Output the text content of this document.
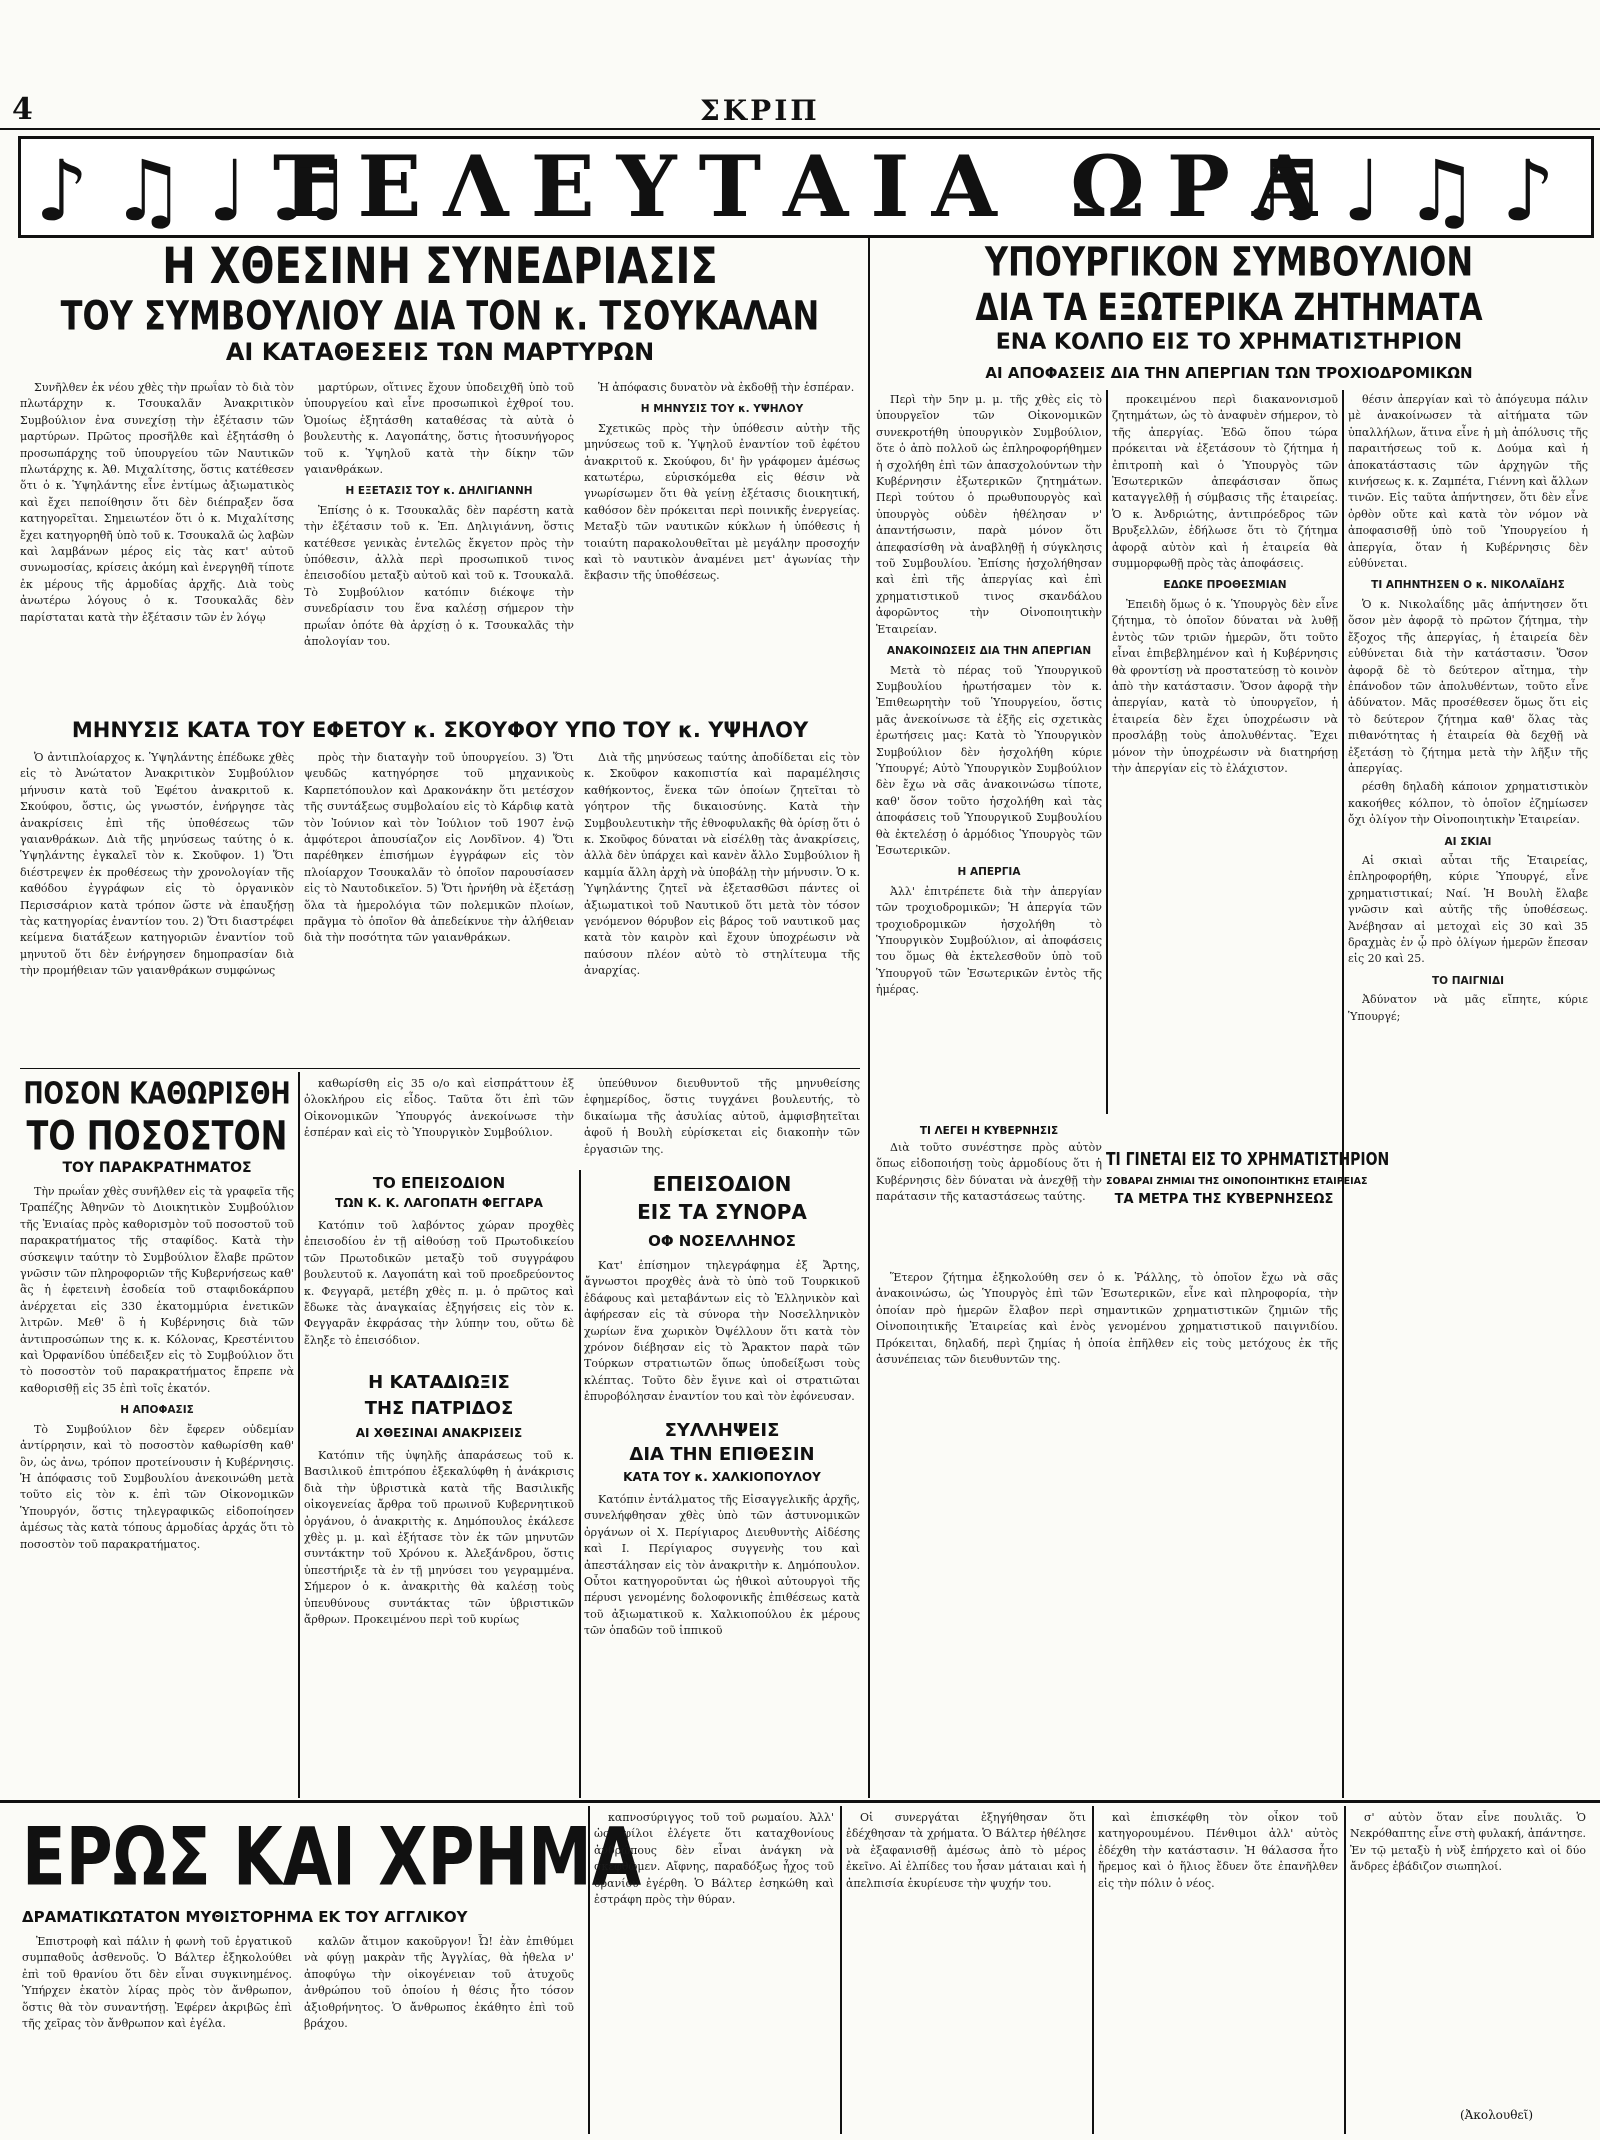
4	ΣΚΡΙΠ
♪♫♩♬
ΤΕΛΕΥΤΑΙΑ ΩΡΑ
♬♩♫♪
Η ΧΘΕΣΙΝΗ ΣΥΝΕΔΡΙΑΣΙΣ
ΤΟΥ ΣΥΜΒΟΥΛΙΟΥ ΔΙΑ ΤΟΝ κ. ΤΣΟΥΚΑΛΑΝ
ΑΙ ΚΑΤΑΘΕΣΕΙΣ ΤΩΝ ΜΑΡΤΥΡΩΝ

Συνῆλθεν ἐκ νέου χθὲς τὴν πρωΐαν τὸ διὰ τὸν πλωτάρχην κ. Τσουκαλᾶν Ἀνακριτικὸν Συμβούλιον ἐνα συνεχίσῃ τὴν ἐξέτασιν τῶν μαρτύρων. Πρῶτος προσῆλθε καὶ ἐξητάσθη ὁ προσωπάρχης τοῦ ὑπουργείου τῶν Ναυτικῶν πλωτάρχης κ. Ἀθ. Μιχαλίτσης, ὅστις κατέθεσεν ὅτι ὁ κ. Ὑψηλάντης εἶνε ἐντίμως ἀξιωματικὸς καὶ ἔχει πεποίθησιν ὅτι δὲν διέπραξεν ὅσα κατηγορεῖται. Σημειωτέον ὅτι ὁ κ. Μιχαλίτσης ἔχει κατηγορηθῆ ὑπὸ τοῦ κ. Τσουκαλᾶ ὡς λαβὼν καὶ λαμβάνων μέρος εἰς τὰς κατ' αὐτοῦ συνωμοσίας, κρίσεις ἀκόμη καὶ ἐνεργηθῆ τίποτε ἐκ μέρους τῆς ἁρμοδίας ἀρχῆς. Διὰ τοὺς ἀνωτέρω λόγους ὁ κ. Τσουκαλᾶς δὲν παρίσταται κατὰ τὴν ἐξέτασιν τῶν ἐν λόγῳ

μαρτύρων, οἵτινες ἔχουν ὑποδειχθῆ ὑπὸ τοῦ ὑπουργείου καὶ εἶνε προσωπικοὶ ἐχθροί του. Ὁμοίως ἐξητάσθη καταθέσας τὰ αὐτὰ ὁ βουλευτὴς κ. Λαγοπάτης, ὅστις ἠτοσυνήγορος τοῦ κ. Ὑψηλοῦ κατὰ τὴν δίκην τῶν γαιανθράκων.

Η ΕΞΕΤΑΣΙΣ ΤΟΥ κ. ΔΗΛΙΓΙΑΝΝΗ

Ἐπίσης ὁ κ. Τσουκαλᾶς δὲν παρέστη κατὰ τὴν ἐξέτασιν τοῦ κ. Ἐπ. Δηλιγιάννη, ὅστις κατέθεσε γενικὰς ἐντελῶς ἔκγετον πρὸς τὴν ὑπόθεσιν, ἀλλὰ περὶ προσωπικοῦ τινος ἐπεισοδίου μεταξὺ αὐτοῦ καὶ τοῦ κ. Τσουκαλᾶ. Τὸ Συμβούλιον κατόπιν διέκοψε τὴν συνεδρίασιν του ἕνα καλέσῃ σήμερον τὴν πρωΐαν ὁπότε θὰ ἀρχίσῃ ὁ κ. Τσουκαλᾶς τὴν ἀπολογίαν του.

Ἡ ἀπόφασις δυνατὸν νὰ ἐκδοθῇ τὴν ἑσπέραν.

Η ΜΗΝΥΣΙΣ ΤΟΥ κ. ΥΨΗΛΟΥ

Σχετικῶς πρὸς τὴν ὑπόθεσιν αὐτὴν τῆς μηνύσεως τοῦ κ. Ὑψηλοῦ ἐναντίον τοῦ ἐφέτου ἀνακριτοῦ κ. Σκούφου, δι' ἣν γράφομεν ἀμέσως κατωτέρω, εὑρισκόμεθα εἰς θέσιν νὰ γνωρίσωμεν ὅτι θὰ γείνῃ ἐξέτασις διοικητική, καθόσον δὲν πρόκειται περὶ ποινικῆς ἐνεργείας. Μεταξὺ τῶν ναυτικῶν κύκλων ἡ ὑπόθεσις ἡ τοιαύτη παρακολουθεῖται μὲ μεγάλην προσοχήν καὶ τὸ ναυτικὸν ἀναμένει μετ' ἀγωνίας τὴν ἔκβασιν τῆς ὑποθέσεως.

ΜΗΝΥΣΙΣ ΚΑΤΑ ΤΟΥ ΕΦΕΤΟΥ κ. ΣΚΟΥΦΟΥ ΥΠΟ ΤΟΥ κ. ΥΨΗΛΟΥ

Ὁ ἀντιπλοίαρχος κ. Ὑψηλάντης ἐπέδωκε χθὲς εἰς τὸ Ἀνώτατον Ἀνακριτικὸν Συμβούλιον μήνυσιν κατὰ τοῦ Ἐφέτου ἀνακριτοῦ κ. Σκούφου, ὅστις, ὡς γνωστόν, ἐνήργησε τὰς ἀνακρίσεις ἐπὶ τῆς ὑποθέσεως τῶν γαιανθράκων. Διὰ τῆς μηνύσεως ταύτης ὁ κ. Ὑψηλάντης ἐγκαλεῖ τὸν κ. Σκοῦφον. 1) Ὅτι διέστρεψεν ἐκ προθέσεως τὴν χρονολογίαν τῆς καθόδου ἐγγράφων εἰς τὸ ὀργανικὸν Περισσάριον κατὰ τρόπον ὥστε νὰ ἐπαυξήσῃ τὰς κατηγορίας ἐναντίον του. 2) Ὅτι διαστρέφει κείμενα διατάξεων κατηγοριῶν ἐναντίον τοῦ μηνυτοῦ ὅτι δὲν ἐνήργησεν δημοπρασίαν διὰ τὴν προμήθειαν τῶν γαιανθράκων συμφώνως

πρὸς τὴν διαταγὴν τοῦ ὑπουργείου. 3) Ὅτι ψευδῶς κατηγόρησε τοῦ μηχανικοὺς Καρπετόπουλον καὶ Δρακονάκην ὅτι μετέσχον τῆς συντάξεως συμβολαίου εἰς τὸ Κάρδιφ κατὰ τὸν Ἰούνιον καὶ τὸν Ἰούλιον τοῦ 1907 ἐνῷ ἀμφότεροι ἀπουσίαζον εἰς Λονδῖνον. 4) Ὅτι παρέθηκεν ἐπισήμων ἐγγράφων εἰς τὸν πλοίαρχον Τσουκαλᾶν τὸ ὁποῖον παρουσίασεν εἰς τὸ Ναυτοδικεῖον. 5) Ὅτι ἠρνήθη νὰ ἐξετάσῃ ὅλα τὰ ἠμερολόγια τῶν πολεμικῶν πλοίων, πρᾶγμα τὸ ὁποῖον θὰ ἀπεδείκνυε τὴν ἀλήθειαν διὰ τὴν ποσότητα τῶν γαιανθράκων.

Διὰ τῆς μηνύσεως ταύτης ἀποδίδεται εἰς τὸν κ. Σκοῦφον κακοπιστία καὶ παραμέλησις καθήκοντος, ἕνεκα τῶν ὁποίων ζητεῖται τὸ γόητρον τῆς δικαιοσύνης. Κατὰ τὴν Συμβουλευτικὴν τῆς ἐθνοφυλακῆς θὰ ὁρίσῃ ὅτι ὁ κ. Σκοῦφος δύναται νὰ εἰσέλθῃ τὰς ἀνακρίσεις, ἀλλὰ δὲν ὑπάρχει καὶ κανὲν ἄλλο Συμβούλιον ἢ καμμία ἄλλη ἀρχὴ νὰ ὑποβάλῃ τὴν μήνυσιν. Ὁ κ. Ὑψηλάντης ζητεῖ νὰ ἐξετασθῶσι πάντες οἱ ἀξιωματικοὶ τοῦ Ναυτικοῦ ὅτι μετὰ τὸν τόσον γενόμενον θόρυβον εἰς βάρος τοῦ ναυτικοῦ μας κατὰ τὸν καιρὸν καὶ ἔχουν ὑποχρέωσιν νὰ παύσουν πλέον αὐτὸ τὸ στηλίτευμα τῆς ἀναρχίας.

ΠΟΣΟΝ ΚΑΘΩΡΙΣΘΗ
ΤΟ ΠΟΣΟΣΤΟΝ
ΤΟΥ ΠΑΡΑΚΡΑΤΗΜΑΤΟΣ

Τὴν πρωΐαν χθὲς συνῆλθεν εἰς τὰ γραφεῖα τῆς Τραπέζης Ἀθηνῶν τὸ Διοικητικὸν Συμβούλιον τῆς Ἑνιαίας πρὸς καθορισμὸν τοῦ ποσοστοῦ τοῦ παρακρατήματος τῆς σταφίδος. Κατὰ τὴν σύσκεψιν ταύτην τὸ Συμβούλιον ἔλαβε πρῶτον γνῶσιν τῶν πληροφοριῶν τῆς Κυβερνήσεως καθ' ἃς ἡ ἐφετεινὴ ἐσοδεία τοῦ σταφιδοκάρπου ἀνέρχεται εἰς 330 ἑκατομμύρια ἑνετικῶν λιτρῶν. Μεθ' ὃ ἡ Κυβέρνησις διὰ τῶν ἀντιπροσώπων της κ. κ. Κόλονας, Κρεστένιτου καὶ Ὀρφανίδου ὑπέδειξεν εἰς τὸ Συμβούλιον ὅτι τὸ ποσοστὸν τοῦ παρακρατήματος ἔπρεπε νὰ καθορισθῇ εἰς 35 ἐπὶ τοῖς ἑκατόν.

Η ΑΠΟΦΑΣΙΣ

Τὸ Συμβούλιον δὲν ἔφερεν οὐδεμίαν ἀντίρρησιν, καὶ τὸ ποσοστὸν καθωρίσθη καθ' ὃν, ὡς ἀνω, τρόπον προτείνουσιν ἡ Κυβέρνησις. Ἡ ἀπόφασις τοῦ Συμβουλίου ἀνεκοινώθη μετὰ τοῦτο εἰς τὸν κ. ἐπὶ τῶν Οἰκονομικῶν Ὑπουργόν, ὅστις τηλεγραφικῶς εἰδοποίησεν ἀμέσως τὰς κατὰ τόπους ἁρμοδίας ἀρχάς ὅτι τὸ ποσοστὸν τοῦ παρακρατήματος.

καθωρίσθη εἰς 35 ο/ο καὶ εἰσπράττουν ἐξ ὁλοκλήρου εἰς εἶδος. Ταῦτα ὅτι ἐπὶ τῶν Οἰκονομικῶν Ὑπουργός ἀνεκοίνωσε τὴν ἑσπέραν καὶ εἰς τὸ Ὑπουργικὸν Συμβούλιον.

ὑπεύθυνον διευθυντοῦ τῆς μηνυθείσης ἐφημερίδος, ὅστις τυγχάνει βουλευτής, τὸ δικαίωμα τῆς ἀσυλίας αὐτοῦ, ἀμφισβητεῖται ἀφοῦ ἡ Βουλὴ εὑρίσκεται εἰς διακοπὴν τῶν ἐργασιῶν της.

ΤΟ ΕΠΕΙΣΟΔΙΟΝ
ΤΩΝ Κ. Κ. ΛΑΓΟΠΑΤΗ ΦΕΓΓΑΡΑ

Κατόπιν τοῦ λαβόντος χώραν προχθὲς ἐπεισοδίου ἐν τῇ αἰθούσῃ τοῦ Πρωτοδικείου τῶν Πρωτοδικῶν μεταξὺ τοῦ συγγράφου βουλευτοῦ κ. Λαγοπάτη καὶ τοῦ προεδρεύοντος κ. Φεγγαρᾶ, μετέβη χθὲς π. μ. ὁ πρῶτος καὶ ἔδωκε τὰς ἀναγκαίας ἐξηγήσεις εἰς τὸν κ. Φεγγαρᾶν ἐκφράσας τὴν λύπην του, οὕτω δὲ ἔληξε τὸ ἐπεισόδιον.

Η ΚΑΤΑΔΙΩΞΙΣ
ΤΗΣ ΠΑΤΡΙΔΟΣ
ΑΙ ΧΘΕΣΙΝΑΙ ΑΝΑΚΡΙΣΕΙΣ

Κατόπιν τῆς ὑψηλῆς ἀπαράσεως τοῦ κ. Βασιλικοῦ ἐπιτρόπου ἐξεκαλύφθη ἡ ἀνάκρισις διὰ τὴν ὑβριστικὰ κατὰ τῆς Βασιλικῆς οἰκογενείας ἄρθρα τοῦ πρωινοῦ Κυβερνητικοῦ ὀργάνου, ὁ ἀνακριτὴς κ. Δημόπουλος ἐκάλεσε χθὲς μ. μ. καὶ ἐξήτασε τὸν ἐκ τῶν μηνυτῶν συντάκτην τοῦ Χρόνου κ. Ἀλεξάνδρου, ὅστις ὑπεστήριξε τὰ ἐν τῇ μηνύσει του γεγραμμένα. Σήμερον ὁ κ. ἀνακριτὴς θὰ καλέσῃ τοὺς ὑπευθύνους συντάκτας τῶν ὑβριστικῶν ἄρθρων. Προκειμένου περὶ τοῦ κυρίως

ΕΠΕΙΣΟΔΙΟΝ
ΕΙΣ ΤΑ ΣΥΝΟΡΑ
ΟΦ ΝΟΣΕΛΛΗΝΟΣ

Κατ' ἐπίσημον τηλεγράφημα ἐξ Ἄρτης, ἄγνωστοι προχθὲς ἀνὰ τὸ ὑπὸ τοῦ Τουρκικοῦ ἐδάφους καὶ μεταβάντων εἰς τὸ Ἑλληνικὸν καὶ ἀφήρεσαν εἰς τὰ σύνορα τὴν Νοσελληνικὸν χωρίων ἕνα χωρικὸν Ὀψέλλουν ὅτι κατὰ τὸν χρόνον διέβησαν εἰς τὸ Ἄρακτον παρὰ τῶν Τούρκων στρατιωτῶν ὅπως ὑποδείξωσι τοὺς κλέπτας. Τοῦτο δὲν ἔγινε καὶ οἱ στρατιῶται ἐπυροβόλησαν ἐναντίον του καὶ τὸν ἐφόνευσαν.

ΣΥΛΛΗΨΕΙΣ
ΔΙΑ ΤΗΝ ΕΠΙΘΕΣΙΝ
ΚΑΤΑ ΤΟΥ κ. ΧΑΛΚΙΟΠΟΥΛΟΥ

Κατόπιν ἐντάλματος τῆς Εἰσαγγελικῆς ἀρχῆς, συνελήφθησαν χθὲς ὑπὸ τῶν ἀστυνομικῶν ὀργάνων οἱ Χ. Περίγιαρος Διευθυντὴς Αἰδέσης καὶ Ι. Περίγιαρος συγγενὴς του καὶ ἀπεστάλησαν εἰς τὸν ἀνακριτὴν κ. Δημόπουλον. Οὗτοι κατηγοροῦνται ὡς ἠθικοὶ αὐτουργοὶ τῆς πέρυσι γενομένης δολοφονικῆς ἐπιθέσεως κατὰ τοῦ ἀξιωματικοῦ κ. Χαλκιοπούλου ἐκ μέρους τῶν ὁπαδῶν τοῦ ἱππικοῦ

ΥΠΟΥΡΓΙΚΟΝ ΣΥΜΒΟΥΛΙΟΝ
ΔΙΑ ΤΑ ΕΞΩΤΕΡΙΚΑ ΖΗΤΗΜΑΤΑ
ΕΝΑ ΚΟΛΠΟ ΕΙΣ ΤΟ ΧΡΗΜΑΤΙΣΤΗΡΙΟΝ
ΑΙ ΑΠΟΦΑΣΕΙΣ ΔΙΑ ΤΗΝ ΑΠΕΡΓΙΑΝ ΤΩΝ ΤΡΟΧΙΟΔΡΟΜΙΚΩΝ

Περὶ τὴν 5ην μ. μ. τῆς χθὲς εἰς τὸ ὑπουργεῖον τῶν Οἰκονομικῶν συνεκροτήθη ὑπουργικὸν Συμβούλιον, ὅτε ὁ ἀπὸ πολλοῦ ὡς ἐπληροφορήθημεν ἡ σχολήθη ἐπὶ τῶν ἀπασχολούντων τὴν Κυβέρνησιν ἐξωτερικῶν ζητημάτων. Περὶ τούτου ὁ πρωθυπουργὸς καὶ ὑπουργὸς οὐδὲν ἠθέλησαν ν' ἀπαντήσωσιν, παρὰ μόνον ὅτι ἀπεφασίσθη νὰ ἀναβληθῇ ἡ σύγκλησις τοῦ Συμβουλίου. Ἐπίσης ἠσχολήθησαν καὶ ἐπὶ τῆς ἀπεργίας καὶ ἐπὶ χρηματιστικοῦ τινος σκανδάλου ἀφορῶντος τὴν Οἰνοποιητικὴν Ἑταιρείαν.

ΑΝΑΚΟΙΝΩΣΕΙΣ ΔΙΑ ΤΗΝ ΑΠΕΡΓΙΑΝ

Μετὰ τὸ πέρας τοῦ Ὑπουργικοῦ Συμβουλίου ἠρωτήσαμεν τὸν κ. Ἐπιθεωρητὴν τοῦ Ὑπουργείου, ὅστις μᾶς ἀνεκοίνωσε τὰ ἑξῆς εἰς σχετικὰς ἐρωτήσεις μας: Κατὰ τὸ Ὑπουργικὸν Συμβούλιον δὲν ἠσχολήθη κύριε Ὑπουργέ; Αὐτὸ Ὑπουργικὸν Συμβούλιον δὲν ἔχω νὰ σᾶς ἀνακοινώσω τίποτε, καθ' ὅσον τοῦτο ἠσχολήθη καὶ τὰς ἀποφάσεις τοῦ Ὑπουργικοῦ Συμβουλίου θὰ ἐκτελέσῃ ὁ ἁρμόδιος Ὑπουργὸς τῶν Ἐσωτερικῶν.

Η ΑΠΕΡΓΙΑ

Ἀλλ' ἐπιτρέπετε διὰ τὴν ἀπεργίαν τῶν τροχιοδρομικῶν; Ἡ ἀπεργία τῶν τροχιοδρομικῶν ἠσχολήθη τὸ Ὑπουργικὸν Συμβούλιον, αἱ ἀποφάσεις του ὅμως θὰ ἐκτελεσθοῦν ὑπὸ τοῦ Ὑπουργοῦ τῶν Ἐσωτερικῶν ἐντὸς τῆς ἡμέρας.

προκειμένου περὶ διακανονισμοῦ ζητημάτων, ὡς τὸ ἀναφυὲν σήμερον, τὸ τῆς ἀπεργίας. Ἐδῶ ὅπου τώρα πρόκειται νὰ ἐξετάσουν τὸ ζήτημα ἡ ἐπιτροπὴ καὶ ὁ Ὑπουργὸς τῶν Ἐσωτερικῶν ἀπεφάσισαν ὅπως καταγγελθῇ ἡ σύμβασις τῆς ἑταιρείας. Ὁ κ. Ἀνδριώτης, ἀντιπρόεδρος τῶν Βρυξελλῶν, ἐδήλωσε ὅτι τὸ ζήτημα ἀφορᾷ αὐτὸν καὶ ἡ ἑταιρεία θὰ συμμορφωθῇ πρὸς τὰς ἀποφάσεις.

ΕΔΩΚΕ ΠΡΟΘΕΣΜΙΑΝ

Ἐπειδὴ ὅμως ὁ κ. Ὑπουργὸς δὲν εἶνε ζήτημα, τὸ ὁποῖον δύναται νὰ λυθῇ ἐντὸς τῶν τριῶν ἡμερῶν, ὅτι τοῦτο εἶναι ἐπιβεβλημένον καὶ ἡ Κυβέρνησις θὰ φροντίσῃ νὰ προστατεύσῃ τὸ κοινὸν ἀπὸ τὴν κατάστασιν. Ὅσον ἀφορᾷ τὴν ἀπεργίαν, κατὰ τὸ ὑπουργεῖον, ἡ ἑταιρεία δὲν ἔχει ὑποχρέωσιν νὰ προσλάβῃ τοὺς ἀπολυθέντας. Ἔχει μόνον τὴν ὑποχρέωσιν νὰ διατηρήσῃ τὴν ἀπεργίαν εἰς τὸ ἐλάχιστον.

θέσιν ἀπεργίαν καὶ τὸ ἀπόγευμα πάλιν μὲ ἀνακοίνωσεν τὰ αἰτήματα τῶν ὑπαλλήλων, ἅτινα εἶνε ἡ μὴ ἀπόλυσις τῆς παραιτήσεως τοῦ κ. Δούμα καὶ ἡ ἀποκατάστασις τῶν ἀρχηγῶν τῆς κινήσεως κ. κ. Ζαμπέτα, Γιέννη καὶ ἄλλων τινῶν. Εἰς ταῦτα ἀπήντησεν, ὅτι δὲν εἶνε ὀρθὸν οὔτε καὶ κατὰ τὸν νόμον νὰ ἀποφασισθῇ ὑπὸ τοῦ Ὑπουργείου ἡ ἀπεργία, ὅταν ἡ Κυβέρνησις δὲν εὐθύνεται.

ΤΙ ΑΠΗΝΤΗΣΕΝ Ο κ. ΝΙΚΟΛΑΪΔΗΣ

Ὁ κ. Νικολαΐδης μᾶς ἀπήντησεν ὅτι ὅσον μὲν ἀφορᾷ τὸ πρῶτον ζήτημα, τὴν ἔξοχος τῆς ἀπεργίας, ἡ ἑταιρεία δὲν εὐθύνεται διὰ τὴν κατάστασιν. Ὅσον ἀφορᾷ δὲ τὸ δεύτερον αἴτημα, τὴν ἐπάνοδον τῶν ἀπολυθέντων, τοῦτο εἶνε ἀδύνατον. Μᾶς προσέθεσεν ὅμως ὅτι εἰς τὸ δεύτερον ζήτημα καθ' ὅλας τὰς πιθανότητας ἡ ἑταιρεία θὰ δεχθῇ νὰ ἐξετάσῃ τὸ ζήτημα μετὰ τὴν λῆξιν τῆς ἀπεργίας.

ρέσθη δηλαδὴ κάποιον χρηματιστικὸν κακοήθες κόλπον, τὸ ὁποῖον ἐζημίωσεν ὄχι ὀλίγον τὴν Οἰνοποιητικὴν Ἑταιρείαν.

ΑΙ ΣΚΙΑΙ

Αἱ σκιαὶ αὗται τῆς Ἑταιρείας, ἐπληροφορήθη, κύριε Ὑπουργέ, εἶνε χρηματιστικαί; Ναί. Ἡ Βουλὴ ἔλαβε γνῶσιν καὶ αὐτῆς τῆς ὑποθέσεως. Ἀνέβησαν αἱ μετοχαὶ εἰς 30 καὶ 35 δραχμὰς ἐν ᾧ πρὸ ὀλίγων ἡμερῶν ἔπεσαν εἰς 20 καὶ 25.

ΤΟ ΠΑΙΓΝΙΔΙ

Ἀδύνατον νὰ μᾶς εἴπητε, κύριε Ὑπουργέ;

ΤΙ ΛΕΓΕΙ Η ΚΥΒΕΡΝΗΣΙΣ

Διὰ τοῦτο συνέστησε πρὸς αὐτὸν ὅπως εἰδοποιήσῃ τοὺς ἀρμοδίους ὅτι ἡ Κυβέρνησις δὲν δύναται νὰ ἀνεχθῇ τὴν παράτασιν τῆς καταστάσεως ταύτης.

ΤΙ ΓΙΝΕΤΑΙ ΕΙΣ ΤΟ ΧΡΗΜΑΤΙΣΤΗΡΙΟΝ
ΣΟΒΑΡΑΙ ΖΗΜΙΑΙ ΤΗΣ ΟΙΝΟΠΟΙΗΤΙΚΗΣ ΕΤΑΙΡΕΙΑΣ
ΤΑ ΜΕΤΡΑ ΤΗΣ ΚΥΒΕΡΝΗΣΕΩΣ

Ἕτερον ζήτημα ἐξηκολούθη σεν ὁ κ. Ῥάλλης, τὸ ὁποῖον ἔχω νὰ σᾶς ἀνακοινώσω, ὡς Ὑπουργὸς ἐπὶ τῶν Ἐσωτερικῶν, εἶνε καὶ πληροφορία, τὴν ὁποίαν πρὸ ἡμερῶν ἔλαβον περὶ σημαντικῶν χρηματιστικῶν ζημιῶν τῆς Οἰνοποιητικῆς Ἑταιρείας καὶ ἑνὸς γενομένου χρηματιστικοῦ παιγνιδίου. Πρόκειται, δηλαδή, περὶ ζημίας ἡ ὁποία ἐπῆλθεν εἰς τοὺς μετόχους ἐκ τῆς ἀσυνέπειας τῶν διευθυντῶν της.

ΕΡΩΣ ΚΑΙ ΧΡΗΜΑ
ΔΡΑΜΑΤΙΚΩΤΑΤΟΝ ΜΥΘΙΣΤΟΡΗΜΑ ΕΚ ΤΟΥ ΑΓΓΛΙΚΟΥ

Ἐπιστροφὴ καὶ πάλιν ἡ φωνὴ τοῦ ἐργατικοῦ συμπαθοῦς ἀσθενοῦς. Ὁ Βάλτερ ἐξηκολούθει ἐπὶ τοῦ θρανίου ὅτι δὲν εἶναι συγκινημένος. Ὑπήρχεν ἑκατὸν λίρας πρὸς τὸν ἄνθρωπον, ὅστις θὰ τὸν συναντήσῃ. Ἐφέρεν ἀκριβῶς ἐπὶ τῆς χεῖρας τὸν ἄνθρωπον καὶ ἐγέλα.

καλῶν ἄτιμον κακοῦργον! Ὦ! ἐὰν ἐπιθύμει νὰ φύγῃ μακρὰν τῆς Ἀγγλίας, θὰ ἠθελα ν' ἀποφύγω τὴν οἰκογένειαν τοῦ ἀτυχοῦς ἀνθρώπου τοῦ ὁποίου ἡ θέσις ἦτο τόσον ἀξιοθρήνητος. Ὁ ἄνθρωπος ἐκάθητο ἐπὶ τοῦ βράχου.

καπνοσύριγγος τοῦ τοῦ ρωμαίου. Ἀλλ' ὡς φίλοι ἐλέγετε ὅτι καταχθονίους ἀνθρώπους δὲν εἶναι ἀνάγκη νὰ σκεφθῶμεν. Αἴφνης, παραδόξως ἦχος τοῦ θρανίου ἐγέρθη. Ὁ Βάλτερ ἐσηκώθη καὶ ἐστράφη πρὸς τὴν θύραν.

Οἱ συνεργάται ἐξηγήθησαν ὅτι ἐδέχθησαν τὰ χρήματα. Ὁ Βάλτερ ἠθέλησε νὰ ἐξαφανισθῇ ἀμέσως ἀπὸ τὸ μέρος ἐκεῖνο. Αἱ ἐλπίδες του ἦσαν μάταιαι καὶ ἡ ἀπελπισία ἐκυρίευσε τὴν ψυχήν του.

καὶ ἐπισκέφθη τὸν οἶκον τοῦ κατηγορουμένου. Πένθιμοι ἀλλ' αὐτὸς ἐδέχθη τὴν κατάστασιν. Ἡ θάλασσα ἦτο ἤρεμος καὶ ὁ ἥλιος ἔδυεν ὅτε ἐπανῆλθεν εἰς τὴν πόλιν ὁ νέος.

σ' αὐτὸν ὅταν εἶνε πουλιᾶς. Ὁ Νεκρόθαπτης εἶνε στὴ φυλακή, ἀπάντησε. Ἐν τῷ μεταξὺ ἡ νὺξ ἐπήρχετο καὶ οἱ δύο ἄνδρες ἐβάδιζον σιωπηλοί.

(Ἀκολουθεῖ)
